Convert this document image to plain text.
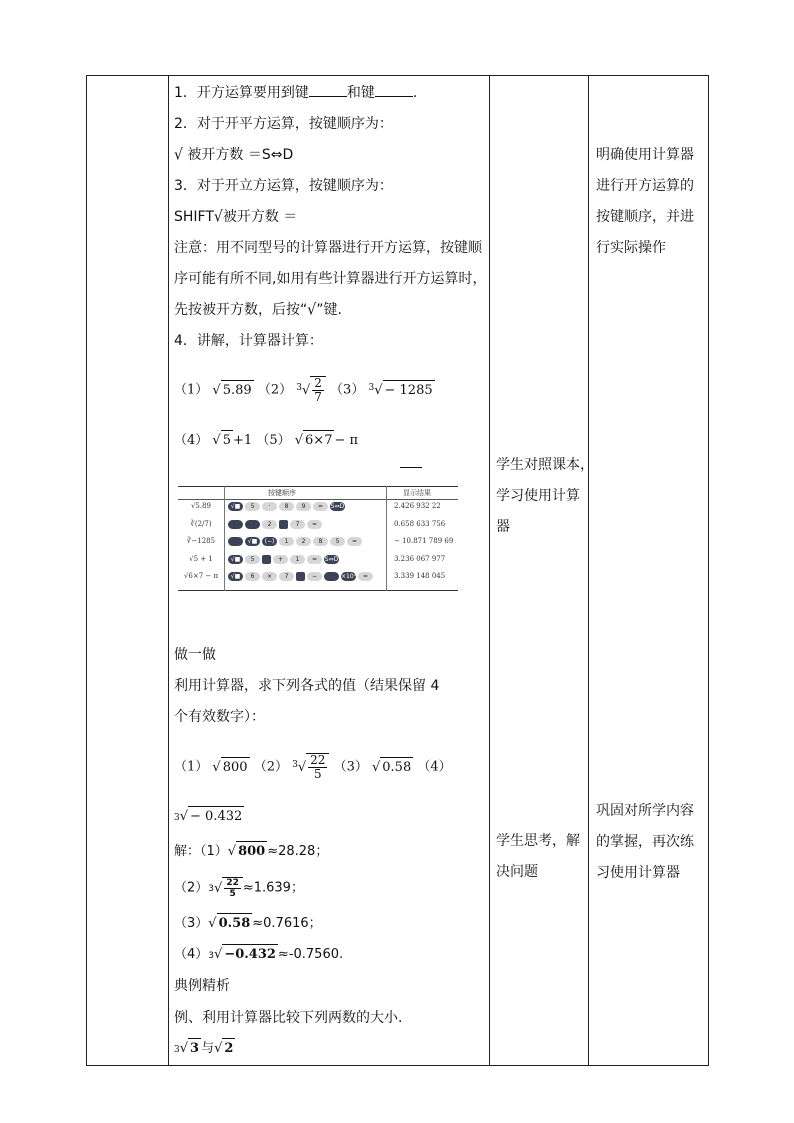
1．开方运算要用到键	和键	.
2．对于开平方运算，按键顺序为：
√ 被开方数 ＝S⇔D
3．对于开立方运算，按键顺序为：
SHIFT√被开方数 ＝
注意：用不同型号的计算器进行开方运算，按键顺
序可能有所不同,如用有些计算器进行开方运算时，
先按被开方数，后按“√”键.
4．讲解，计算器计算：
（1） √ 5.89 （2） $^3√ \frac{2}{7} (3) ^3√ - 1285$
（4） √ 5 +1 （5） √ 6×7 − π
按键顺序	显示结果
√5.89	√■	5	·	8	9	=	S⇔D	2.426 932 22
∛(2/7)	2	7	=	0.658 633 756
∛−1285	√■	(−)	1	2	8	5	=	− 10.871 789 69
√5 + 1	√■	5	+	1	=	S⇔D	3.236 067 977
√6×7 − π	√■	6	×	7	−	×10ˣ	=	3.339 148 045
做一做
利用计算器，求下列各式的值（结果保留 4
个有效数字）：
（1） √ 800 （2） $^3√ \frac{22}{5} (3)$ √ 0.58 （4）
$^3$√ − 0.432
解：（1）√ 800 ≈28.28；
$(2)^3√ \frac{22}{5} \approx 1.639$；
（3）√ 0.58 ≈0.7616；
$(4)^3√ -0.432 \approx-0.7560$.
典例精析
例、利用计算器比较下列两数的大小.
$^3$√ 3 与√ 2
学生对照课本，
学习使用计算
器
学生思考，解
决问题
明确使用计算器
进行开方运算的
按键顺序，并进
行实际操作
巩固对所学内容
的掌握，再次练
习使用计算器
